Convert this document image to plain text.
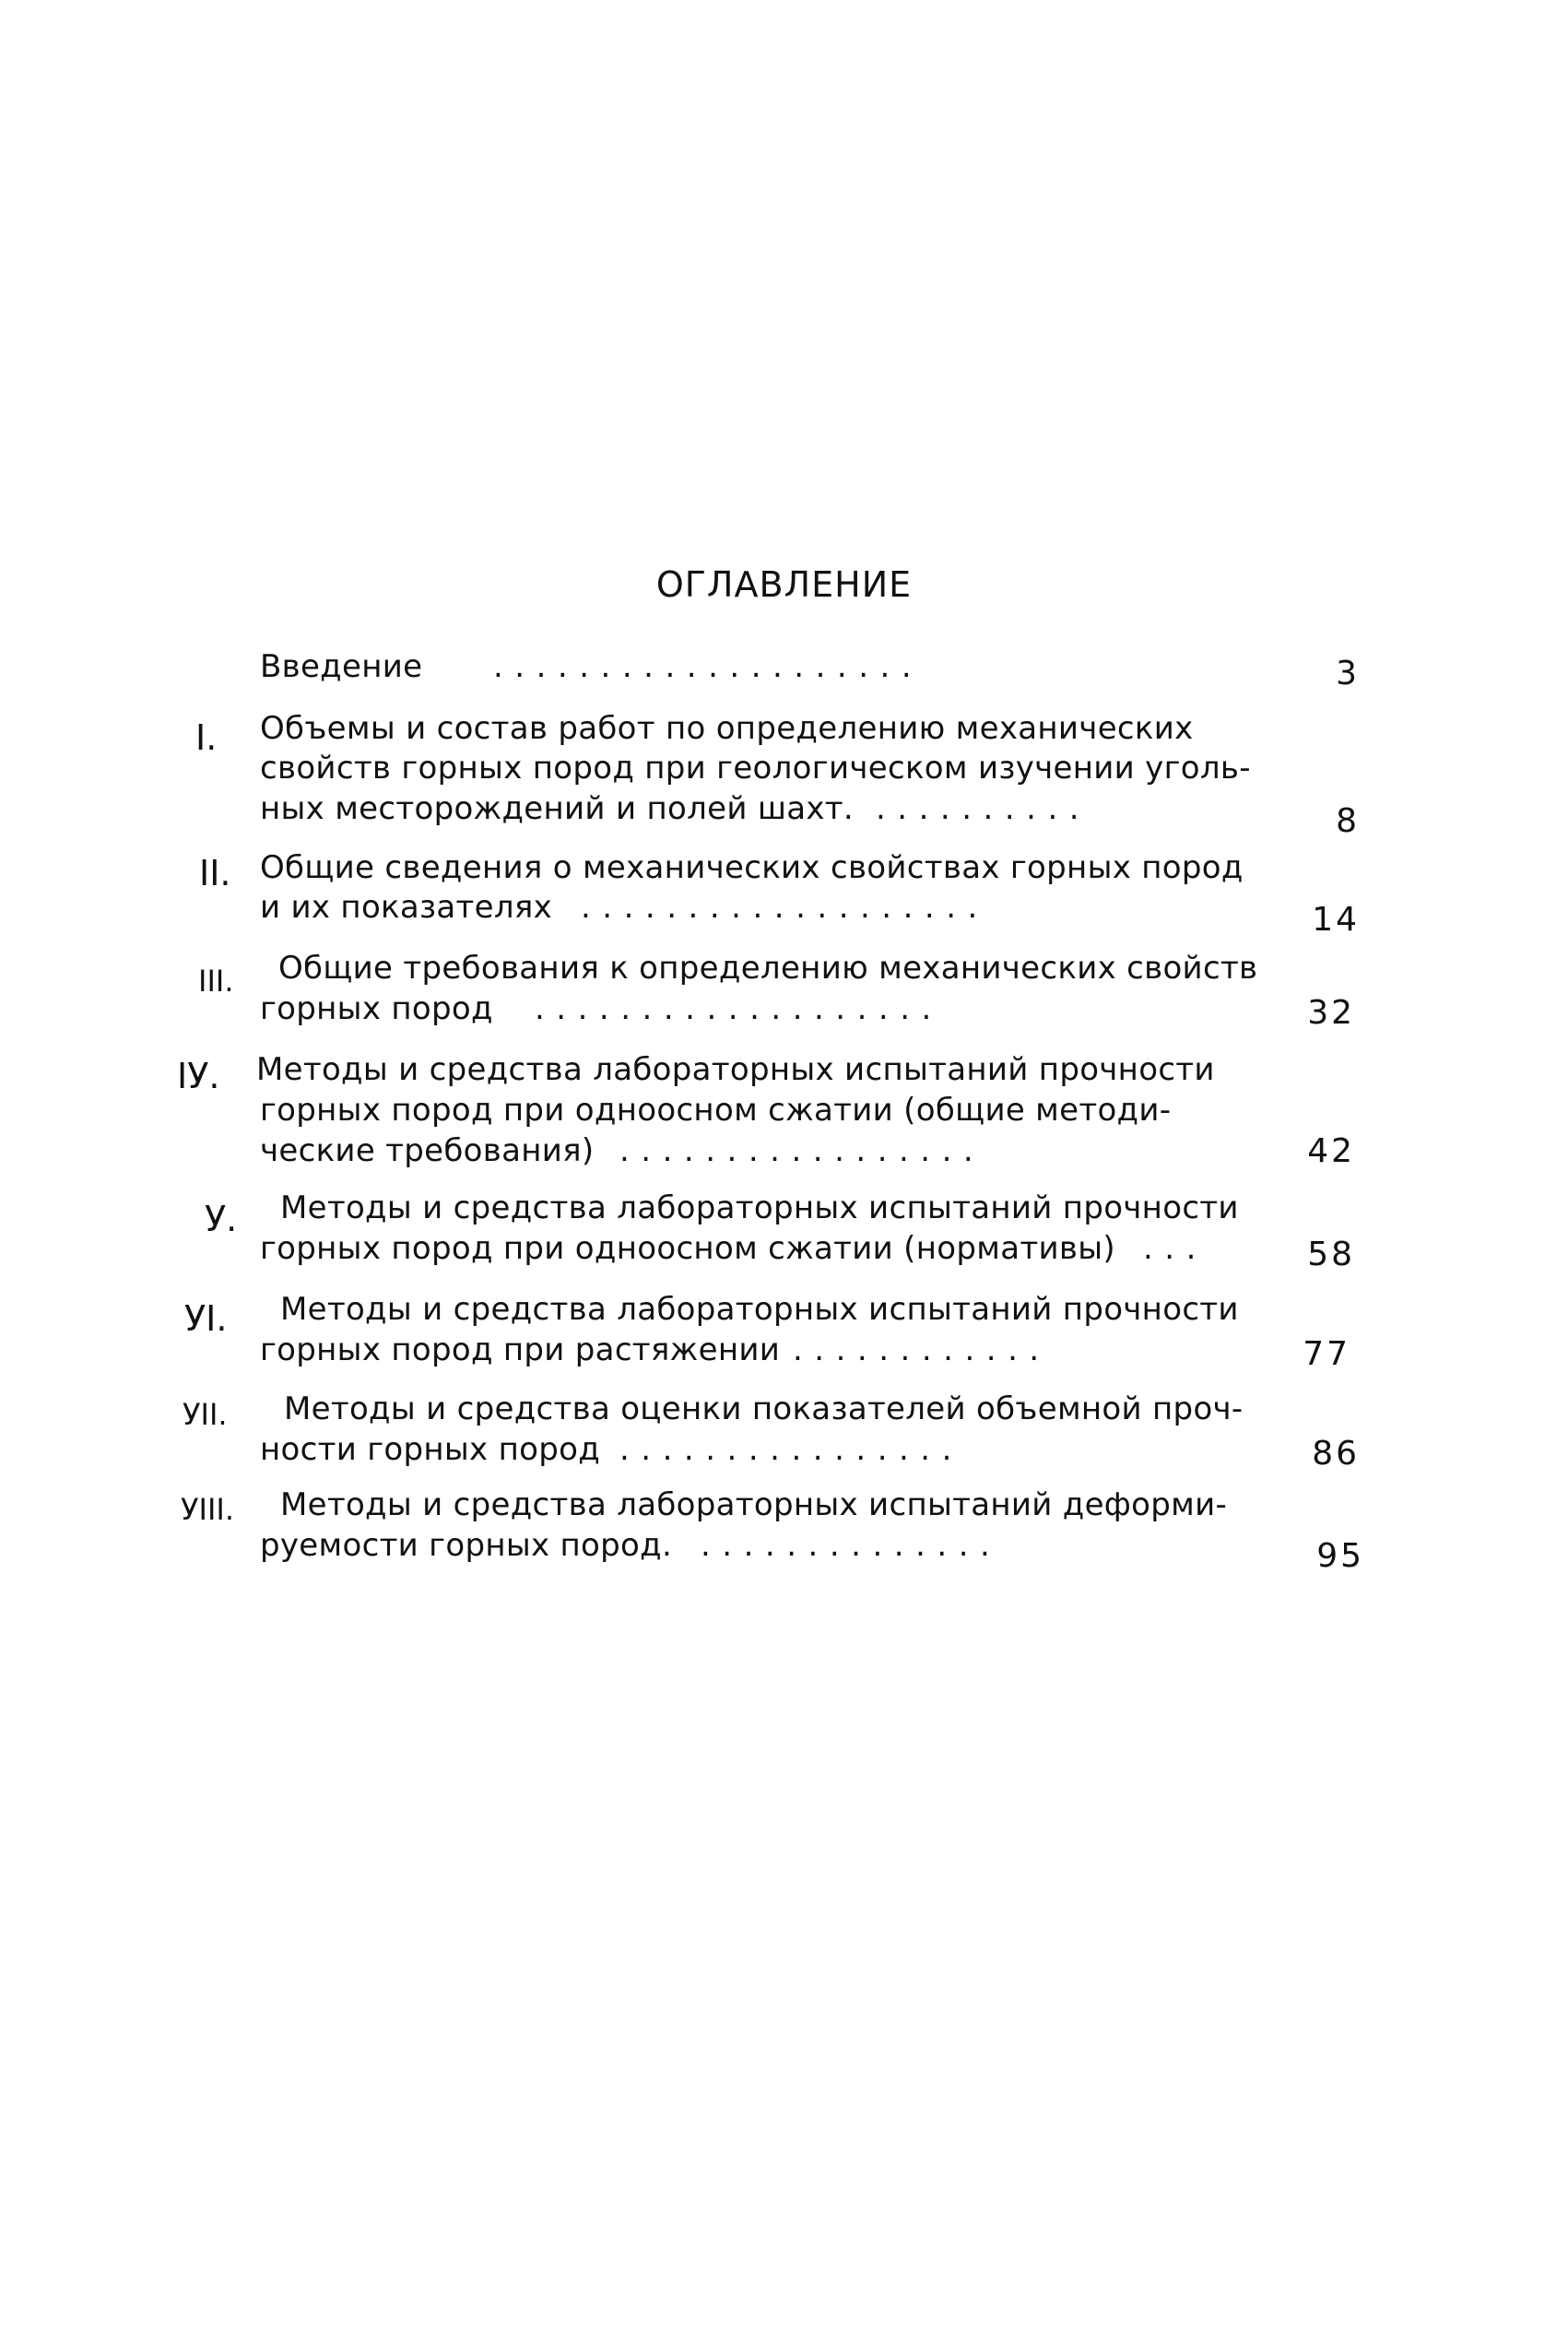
ОГЛАВЛЕНИЕ
Введение ....................	3
I. Объемы и состав работ по определению механических
свойств горных пород при геологическом изучении уголь-
ных месторождений и полей шахт. ..........	8
II. Общие сведения о механических свойствах горных пород
и их показателях ...................	14
III. Общие требования к определению механических свойств
горных пород ...................	32
IУ. Методы и средства лабораторных испытаний прочности
горных пород при одноосном сжатии (общие методи-
ческие требования) .................	42
У. Методы и средства лабораторных испытаний прочности
горных пород при одноосном сжатии (нормативы) ...	58
УI. Методы и средства лабораторных испытаний прочности
горных пород при растяжении ............	77
УII. Методы и средства оценки показателей объемной проч-
ности горных пород ................	86
УIII. Методы и средства лабораторных испытаний деформи-
руемости горных пород. ..............	95
